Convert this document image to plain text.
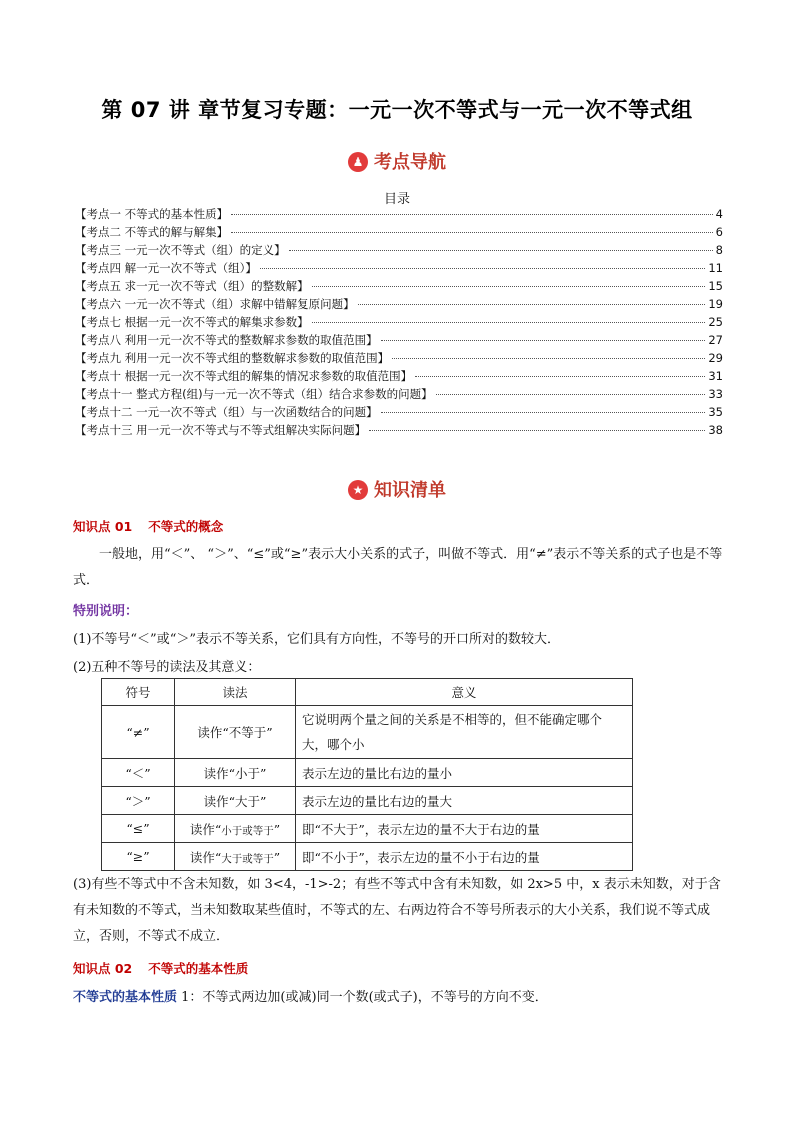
第 07 讲 章节复习专题：一元一次不等式与一元一次不等式组
♟ 考点导航
目录
【考点一 不等式的基本性质】	4
【考点二 不等式的解与解集】	6
【考点三 一元一次不等式（组）的定义】	8
【考点四 解一元一次不等式（组）】	11
【考点五 求一元一次不等式（组）的整数解】	15
【考点六 一元一次不等式（组）求解中错解复原问题】	19
【考点七 根据一元一次不等式的解集求参数】	25
【考点八 利用一元一次不等式的整数解求参数的取值范围】	27
【考点九 利用一元一次不等式组的整数解求参数的取值范围】	29
【考点十 根据一元一次不等式组的解集的情况求参数的取值范围】	31
【考点十一 整式方程(组)与一元一次不等式（组）结合求参数的问题】	33
【考点十二 一元一次不等式（组）与一次函数结合的问题】	35
【考点十三 用一元一次不等式与不等式组解决实际问题】	38
★ 知识清单
知识点 01 不等式的概念
一般地，用“＜”、 “＞”、“≤”或“≥”表示大小关系的式子，叫做不等式．用“≠”表示不等关系的式子也是不等式．
特别说明：
(1)不等号“＜”或“＞”表示不等关系，它们具有方向性，不等号的开口所对的数较大．
(2)五种不等号的读法及其意义：
符号	读法	意义
“≠”	读作“不等于”	它说明两个量之间的关系是不相等的，但不能确定哪个大，哪个小
“＜”	读作“小于”	表示左边的量比右边的量小
“＞”	读作“大于”	表示左边的量比右边的量大
“≤”	读作“小于或等于”	即“不大于”，表示左边的量不大于右边的量
“≥”	读作“大于或等于”	即“不小于”，表示左边的量不小于右边的量
(3)有些不等式中不含未知数，如 3<4，-1>-2；有些不等式中含有未知数，如 2x>5 中，x 表示未知数，对于含有未知数的不等式，当未知数取某些值时，不等式的左、右两边符合不等号所表示的大小关系，我们说不等式成立，否则，不等式不成立．
知识点 02 不等式的基本性质
不等式的基本性质 1：不等式两边加(或减)同一个数(或式子)，不等号的方向不变．
